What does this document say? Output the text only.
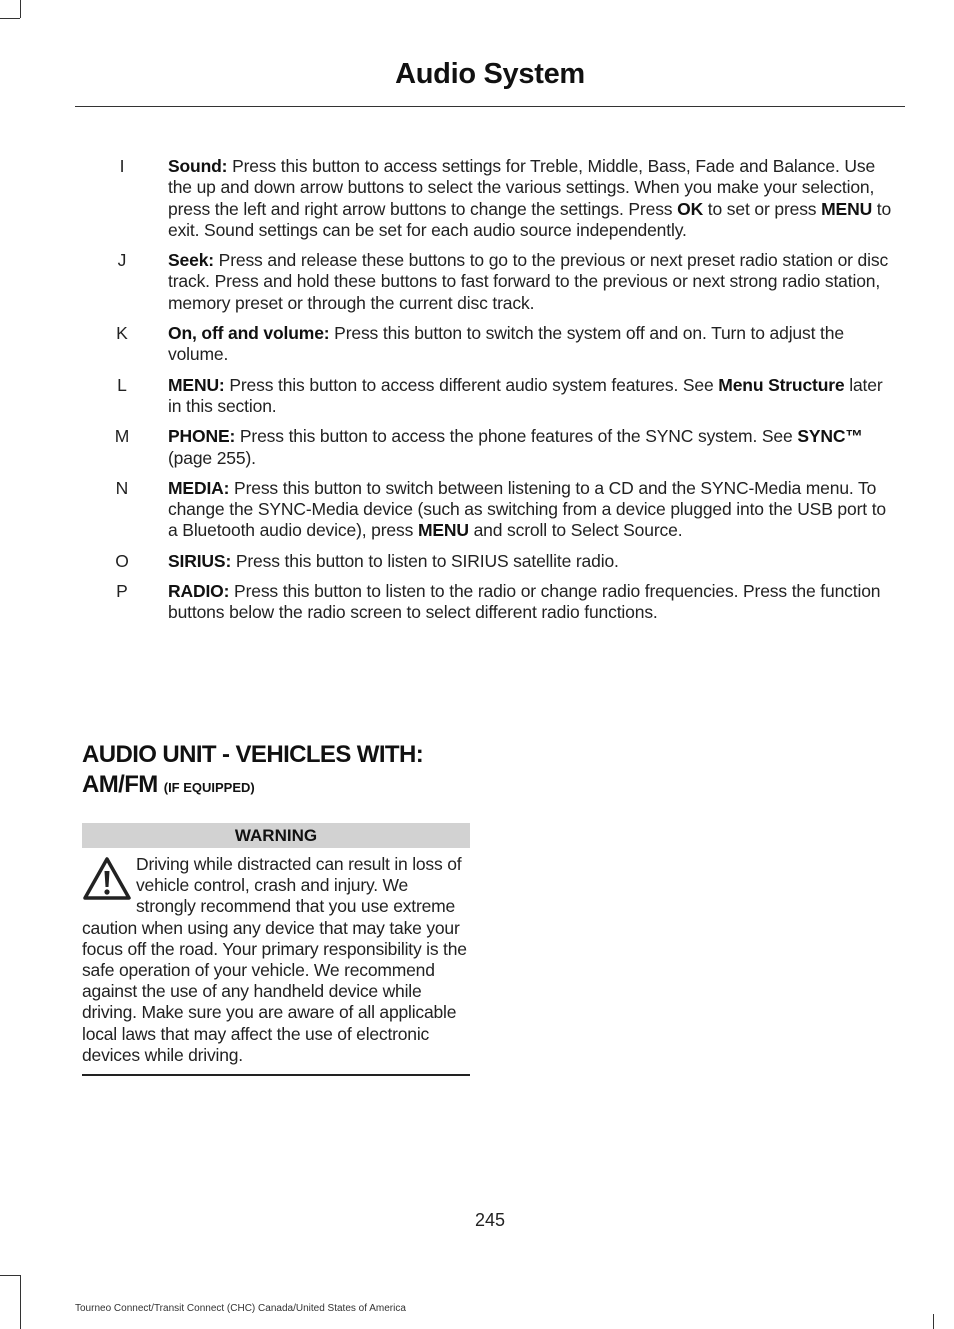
Audio System
I	Sound: Press this button to access settings for Treble, Middle, Bass, Fade and Balance. Use the up and down arrow buttons to select the various settings. When you make your selection, press the left and right arrow buttons to change the settings. Press OK to set or press MENU to exit. Sound settings can be set for each audio source independently.
J Seek: Press and release these buttons to go to the previous or next preset radio station or disc track. Press and hold these buttons to fast forward to the previous or next strong radio station, memory preset or through the current disc track.
K On, off and volume: Press this button to switch the system off and on. Turn to adjust the volume.
L MENU: Press this button to access different audio system features. See Menu Structure later in this section.
M PHONE: Press this button to access the phone features of the SYNC system. See SYNC™ (page 255).
N MEDIA: Press this button to switch between listening to a CD and the SYNC-Media menu. To change the SYNC-Media device (such as switching from a device plugged into the USB port to a Bluetooth audio device), press MENU and scroll to Select Source.
O SIRIUS: Press this button to listen to SIRIUS satellite radio.
P RADIO: Press this button to listen to the radio or change radio frequencies. Press the function buttons below the radio screen to select different radio functions.
AUDIO UNIT - VEHICLES WITH:
AM/FM (IF EQUIPPED)
WARNING
Driving while distracted can result in loss of vehicle control, crash and injury. We strongly recommend that you use extreme caution when using any device that may take your focus off the road. Your primary responsibility is the safe operation of your vehicle. We recommend against the use of any handheld device while driving. Make sure you are aware of all applicable local laws that may affect the use of electronic devices while driving.
245
Tourneo Connect/Transit Connect (CHC) Canada/United States of America
